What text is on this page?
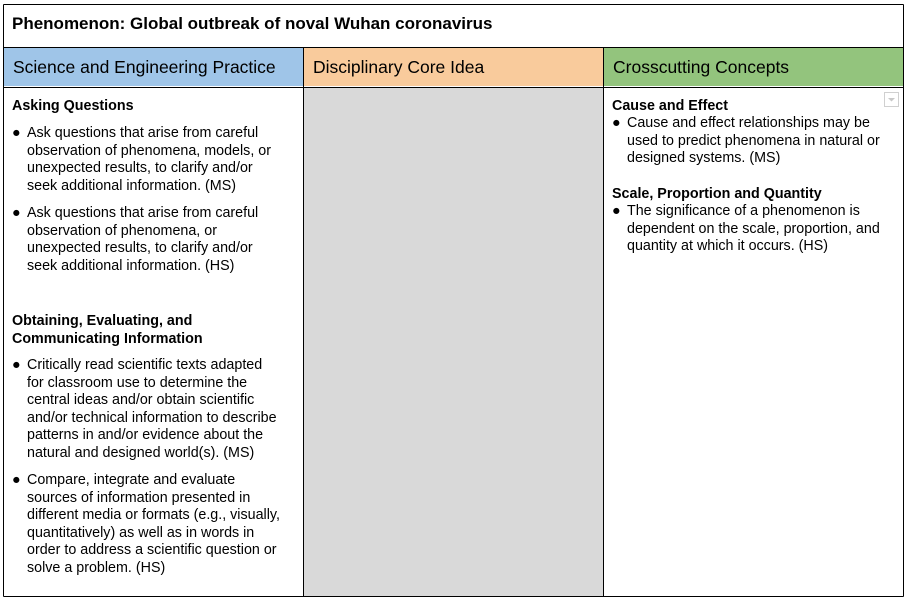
Phenomenon: Global outbreak of noval Wuhan coronavirus
Science and Engineering Practice	Disciplinary Core Idea	Crosscutting Concepts
Asking Questions
● Ask questions that arise from careful
observation of phenomena, models, or
unexpected results, to clarify and/or
seek additional information. (MS)
● Ask questions that arise from careful
observation of phenomena, or
unexpected results, to clarify and/or
seek additional information. (HS)
Obtaining, Evaluating, and
Communicating Information
● Critically read scientific texts adapted
for classroom use to determine the
central ideas and/or obtain scientific
and/or technical information to describe
patterns in and/or evidence about the
natural and designed world(s). (MS)
● Compare, integrate and evaluate
sources of information presented in
different media or formats (e.g., visually,
quantitatively) as well as in words in
order to address a scientific question or
solve a problem. (HS)
Cause and Effect
● Cause and effect relationships may be
used to predict phenomena in natural or
designed systems. (MS)
Scale, Proportion and Quantity
● The significance of a phenomenon is
dependent on the scale, proportion, and
quantity at which it occurs. (HS)
